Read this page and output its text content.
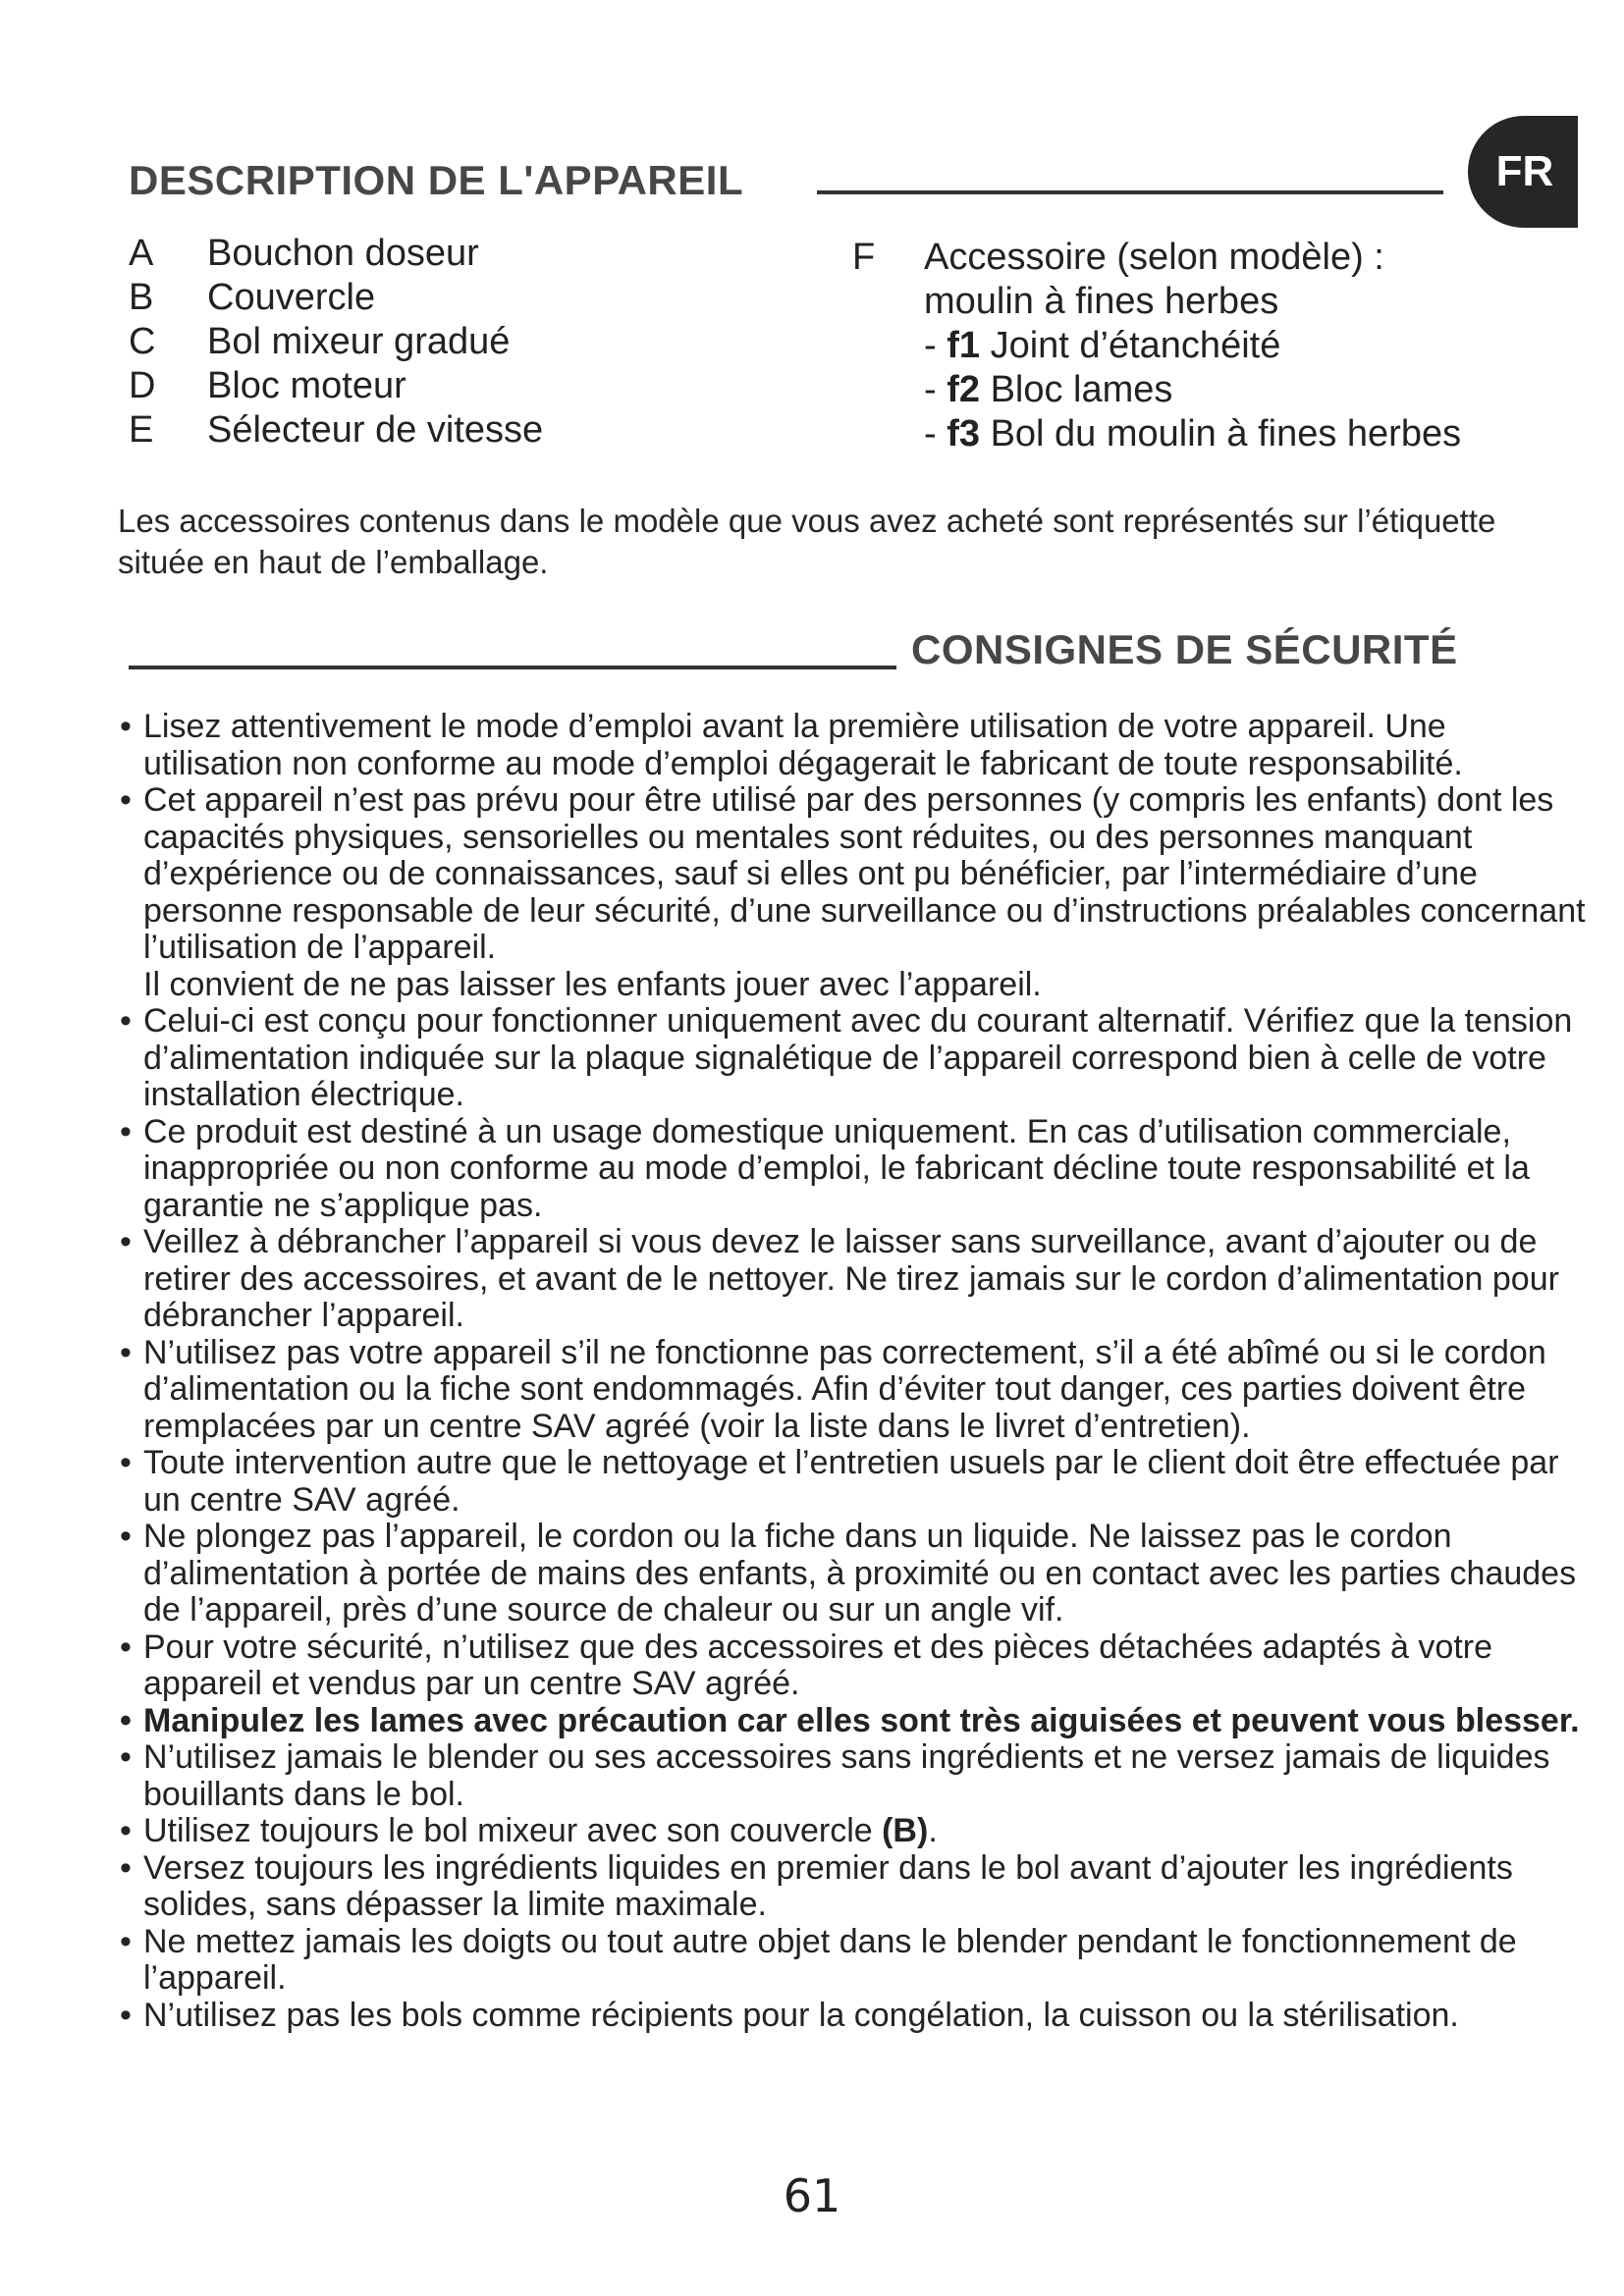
FR
DESCRIPTION DE L'APPAREIL
A	Bouchon doseur
B	Couvercle
C	Bol mixeur gradué
D	Bloc moteur
E	Sélecteur de vitesse
F	Accessoire (selon modèle) :
moulin à fines herbes
- f1 Joint d’étanchéité
- f2 Bloc lames
- f3 Bol du moulin à fines herbes
Les accessoires contenus dans le modèle que vous avez acheté sont représentés sur l’étiquette située en haut de l’emballage.
CONSIGNES DE SÉCURITÉ
• Lisez attentivement le mode d’emploi avant la première utilisation de votre appareil. Une utilisation non conforme au mode d’emploi dégagerait le fabricant de toute responsabilité.
• Cet appareil n’est pas prévu pour être utilisé par des personnes (y compris les enfants) dont les capacités physiques, sensorielles ou mentales sont réduites, ou des personnes manquant d’expérience ou de connaissances, sauf si elles ont pu bénéficier, par l’intermédiaire d’une personne responsable de leur sécurité, d’une surveillance ou d’instructions préalables concernant l’utilisation de l’appareil.
Il convient de ne pas laisser les enfants jouer avec l’appareil.
• Celui-ci est conçu pour fonctionner uniquement avec du courant alternatif. Vérifiez que la tension d’alimentation indiquée sur la plaque signalétique de l’appareil correspond bien à celle de votre installation électrique.
• Ce produit est destiné à un usage domestique uniquement. En cas d’utilisation commerciale, inappropriée ou non conforme au mode d’emploi, le fabricant décline toute responsabilité et la garantie ne s’applique pas.
• Veillez à débrancher l’appareil si vous devez le laisser sans surveillance, avant d’ajouter ou de retirer des accessoires, et avant de le nettoyer. Ne tirez jamais sur le cordon d’alimentation pour débrancher l’appareil.
• N’utilisez pas votre appareil s’il ne fonctionne pas correctement, s’il a été abîmé ou si le cordon d’alimentation ou la fiche sont endommagés. Afin d’éviter tout danger, ces parties doivent être remplacées par un centre SAV agréé (voir la liste dans le livret d’entretien).
• Toute intervention autre que le nettoyage et l’entretien usuels par le client doit être effectuée par un centre SAV agréé.
• Ne plongez pas l’appareil, le cordon ou la fiche dans un liquide. Ne laissez pas le cordon d’alimentation à portée de mains des enfants, à proximité ou en contact avec les parties chaudes de l’appareil, près d’une source de chaleur ou sur un angle vif.
• Pour votre sécurité, n’utilisez que des accessoires et des pièces détachées adaptés à votre appareil et vendus par un centre SAV agréé.
• Manipulez les lames avec précaution car elles sont très aiguisées et peuvent vous blesser.
• N’utilisez jamais le blender ou ses accessoires sans ingrédients et ne versez jamais de liquides bouillants dans le bol.
• Utilisez toujours le bol mixeur avec son couvercle (B).
• Versez toujours les ingrédients liquides en premier dans le bol avant d’ajouter les ingrédients solides, sans dépasser la limite maximale.
• Ne mettez jamais les doigts ou tout autre objet dans le blender pendant le fonctionnement de l’appareil.
• N’utilisez pas les bols comme récipients pour la congélation, la cuisson ou la stérilisation.
61
